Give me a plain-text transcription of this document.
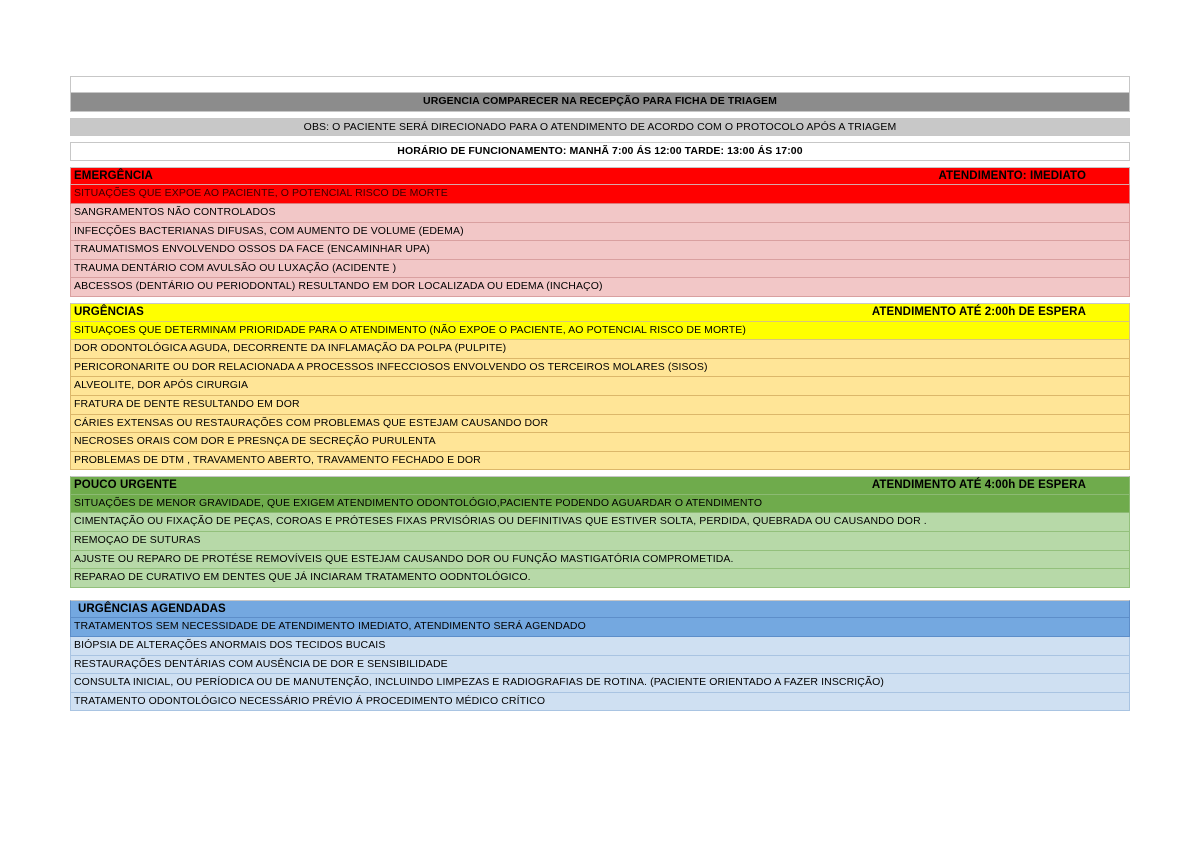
URGENCIA COMPARECER NA RECEPÇÃO PARA FICHA DE TRIAGEM
OBS: O PACIENTE SERÁ DIRECIONADO PARA O ATENDIMENTO DE ACORDO COM O PROTOCOLO APÓS A TRIAGEM
HORÁRIO DE FUNCIONAMENTO: MANHÃ 7:00 ÁS 12:00 TARDE: 13:00 ÁS 17:00
EMERGÊNCIA	ATENDIMENTO: IMEDIATO
SITUAÇÕES QUE EXPOE AO PACIENTE, O POTENCIAL RISCO DE MORTE
SANGRAMENTOS NÃO CONTROLADOS
INFECÇÕES BACTERIANAS DIFUSAS, COM AUMENTO DE VOLUME (EDEMA)
TRAUMATISMOS ENVOLVENDO OSSOS DA FACE (ENCAMINHAR UPA)
TRAUMA DENTÁRIO COM AVULSÃO OU LUXAÇÃO (ACIDENTE )
ABCESSOS (DENTÁRIO OU PERIODONTAL) RESULTANDO EM DOR LOCALIZADA OU EDEMA (INCHAÇO)
URGÊNCIAS	ATENDIMENTO ATÉ 2:00h DE ESPERA
SITUAÇOES QUE DETERMINAM PRIORIDADE PARA O ATENDIMENTO (NÃO EXPOE O PACIENTE, AO POTENCIAL RISCO DE MORTE)
DOR ODONTOLÓGICA AGUDA, DECORRENTE DA INFLAMAÇÃO DA POLPA (PULPITE)
PERICORONARITE OU DOR RELACIONADA A PROCESSOS INFECCIOSOS ENVOLVENDO OS TERCEIROS MOLARES (SISOS)
ALVEOLITE, DOR APÓS CIRURGIA
FRATURA DE DENTE RESULTANDO EM DOR
CÁRIES EXTENSAS OU RESTAURAÇÕES COM PROBLEMAS QUE ESTEJAM CAUSANDO DOR
NECROSES ORAIS COM DOR E PRESNÇA DE SECREÇÃO PURULENTA
PROBLEMAS DE DTM , TRAVAMENTO ABERTO, TRAVAMENTO FECHADO E DOR
POUCO URGENTE	ATENDIMENTO ATÉ 4:00h DE ESPERA
SITUAÇÕES DE MENOR GRAVIDADE, QUE EXIGEM ATENDIMENTO ODONTOLÓGIO,PACIENTE PODENDO AGUARDAR O ATENDIMENTO
CIMENTAÇÃO OU FIXAÇÃO DE PEÇAS, COROAS E PRÓTESES FIXAS PRVISÓRIAS OU DEFINITIVAS QUE ESTIVER SOLTA, PERDIDA, QUEBRADA OU CAUSANDO DOR .
REMOÇAO DE SUTURAS
AJUSTE OU REPARO DE PROTÉSE REMOVÍVEIS QUE ESTEJAM CAUSANDO DOR OU FUNÇÃO MASTIGATÓRIA COMPROMETIDA.
REPARAO DE CURATIVO EM DENTES QUE JÁ INCIARAM TRATAMENTO OODNTOLÓGICO.
URGÊNCIAS AGENDADAS
TRATAMENTOS SEM NECESSIDADE DE ATENDIMENTO IMEDIATO, ATENDIMENTO SERÁ AGENDADO
BIÓPSIA DE ALTERAÇÕES ANORMAIS DOS TECIDOS BUCAIS
RESTAURAÇÕES DENTÁRIAS COM AUSÊNCIA DE DOR E SENSIBILIDADE
CONSULTA INICIAL, OU PERÍODICA OU DE MANUTENÇÃO, INCLUINDO LIMPEZAS E RADIOGRAFIAS DE ROTINA. (PACIENTE ORIENTADO A FAZER INSCRIÇÃO)
TRATAMENTO ODONTOLÓGICO NECESSÁRIO PRÉVIO Á PROCEDIMENTO MÉDICO CRÍTICO
